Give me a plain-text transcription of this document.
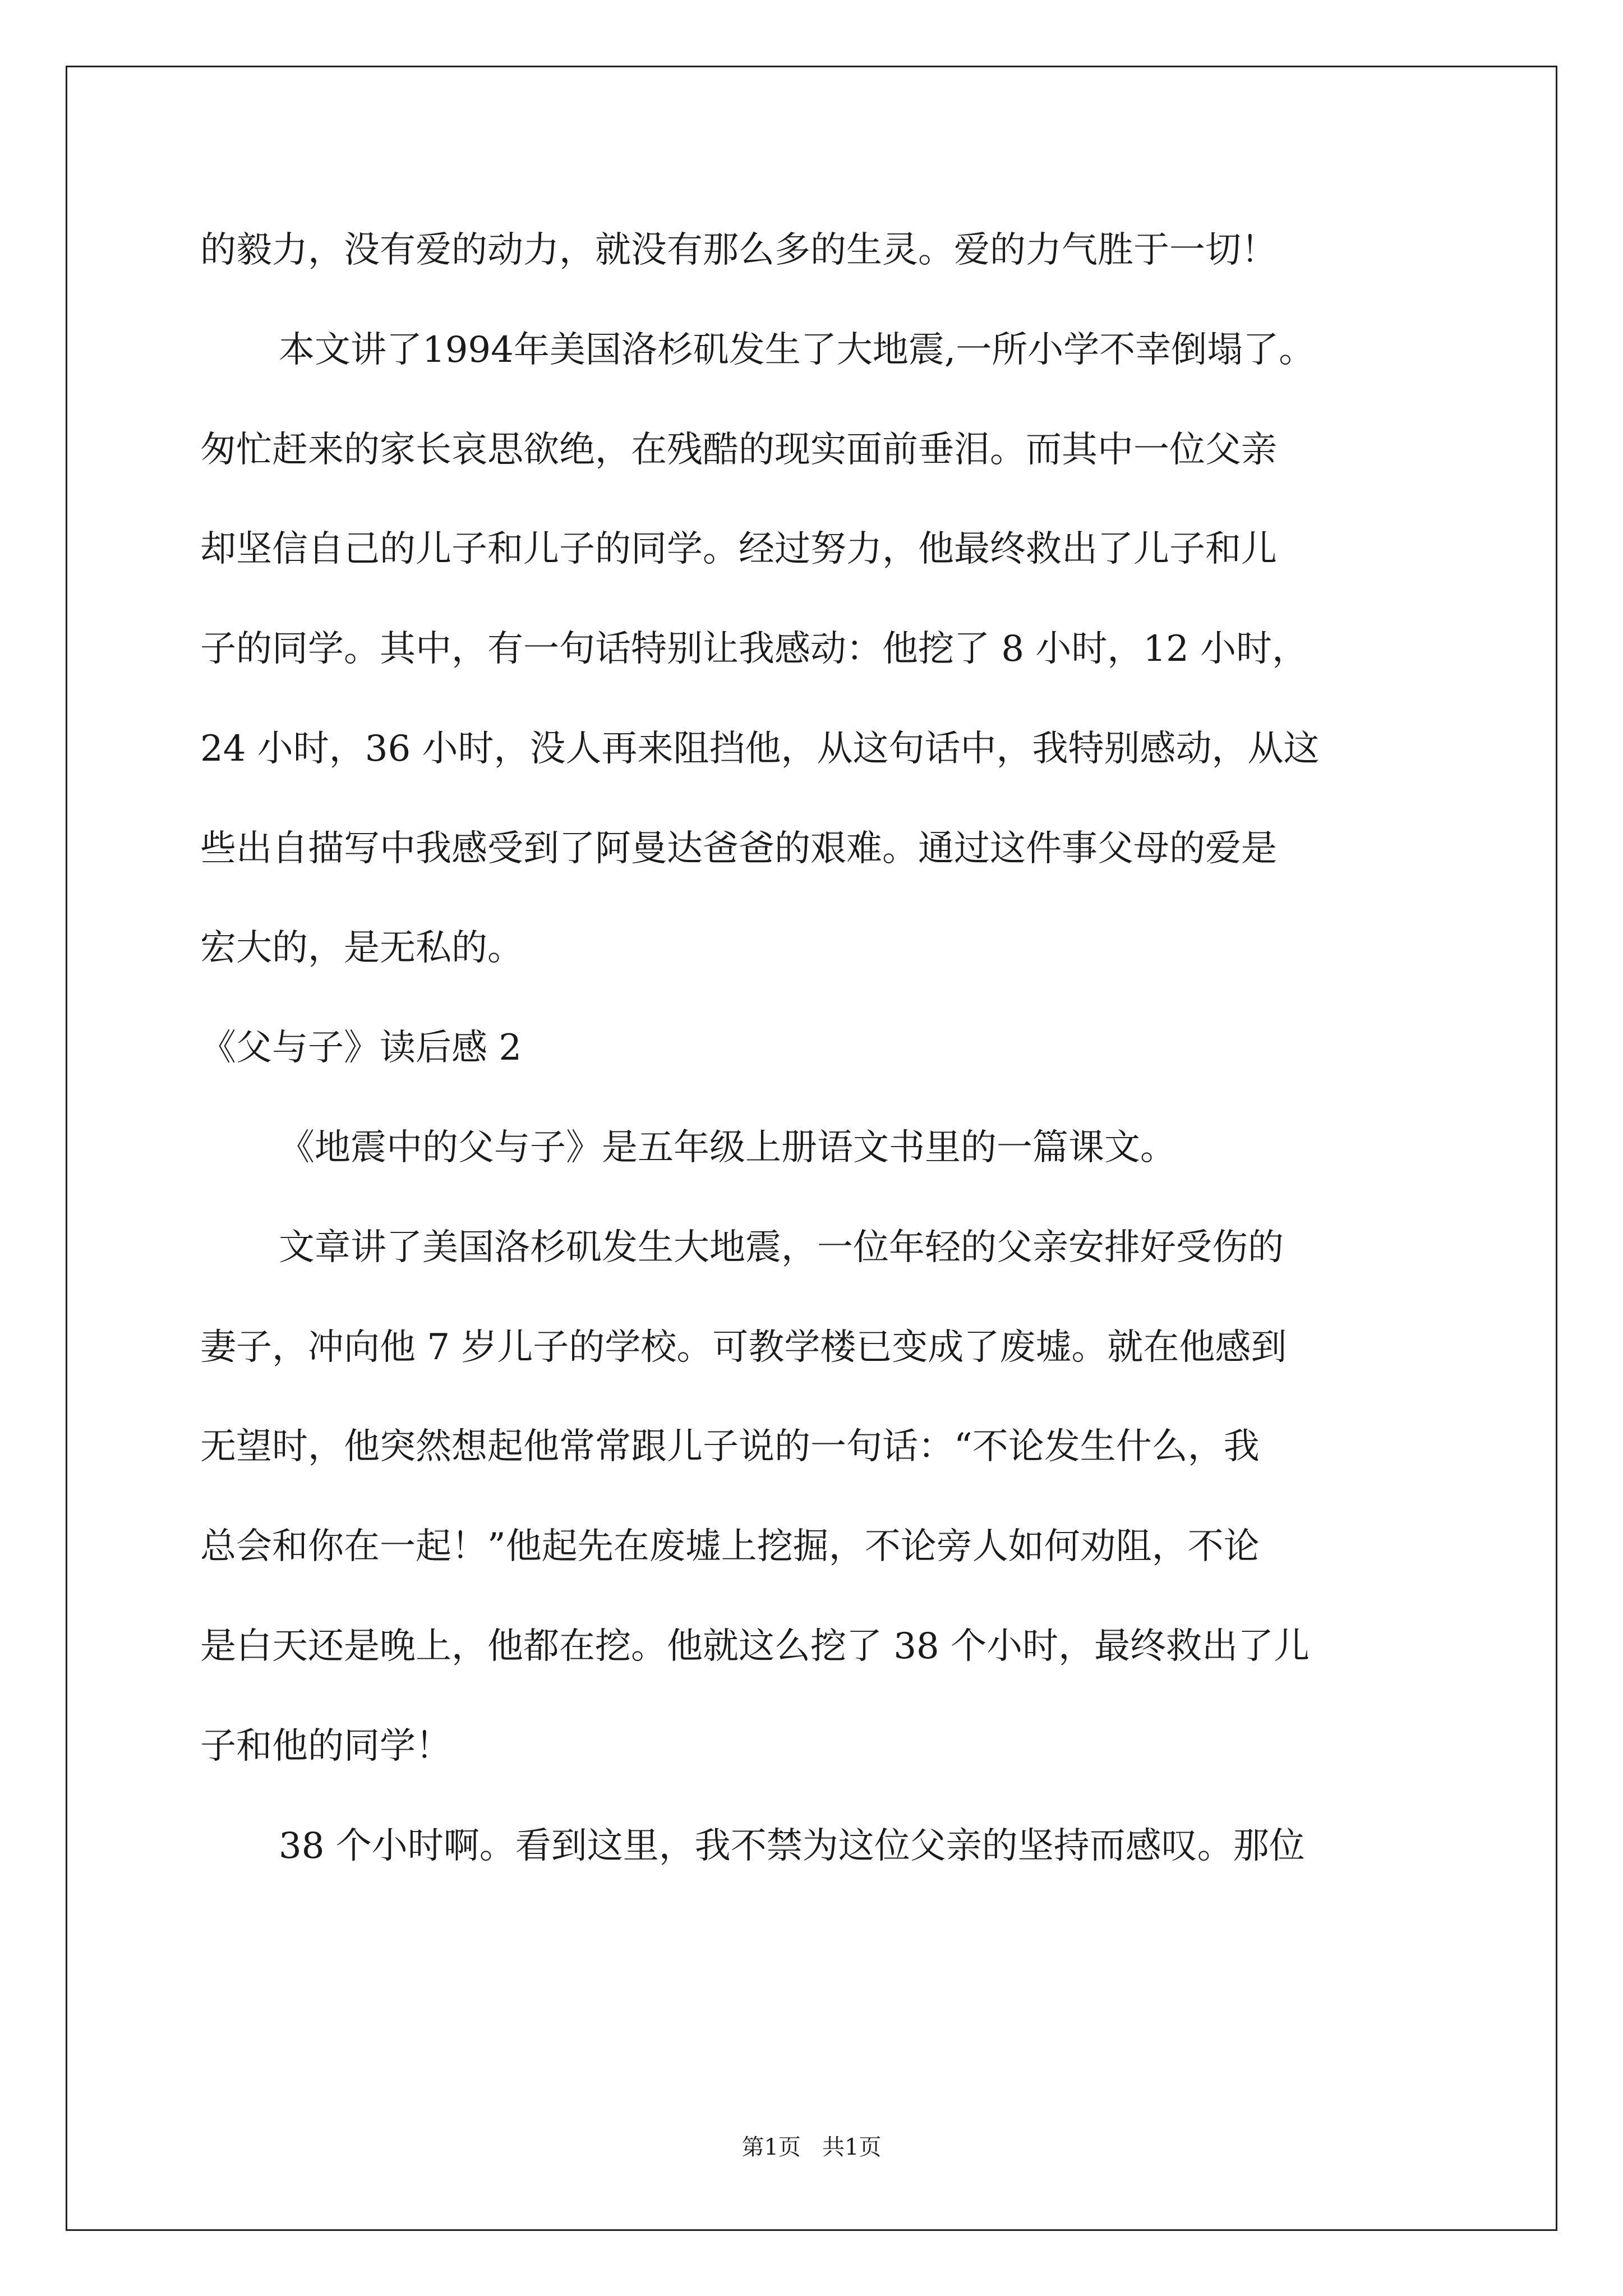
的毅力，没有爱的动力，就没有那么多的生灵。爱的力气胜于一切！
本文讲了1994年美国洛杉矶发生了大地震,一所小学不幸倒塌了。
匆忙赶来的家长哀思欲绝，在残酷的现实面前垂泪。而其中一位父亲
却坚信自己的儿子和儿子的同学。经过努力，他最终救出了儿子和儿
子的同学。其中，有一句话特别让我感动：他挖了 8 小时，12 小时，
24 小时，36 小时，没人再来阻挡他，从这句话中，我特别感动，从这
些出自描写中我感受到了阿曼达爸爸的艰难。通过这件事父母的爱是
宏大的，是无私的。
《父与子》读后感 2
《地震中的父与子》是五年级上册语文书里的一篇课文。
文章讲了美国洛杉矶发生大地震，一位年轻的父亲安排好受伤的
妻子，冲向他 7 岁儿子的学校。可教学楼已变成了废墟。就在他感到
无望时，他突然想起他常常跟儿子说的一句话：“不论发生什么，我
总会和你在一起！”他起先在废墟上挖掘，不论旁人如何劝阻，不论
是白天还是晚上，他都在挖。他就这么挖了 38 个小时，最终救出了儿
子和他的同学！
38 个小时啊。看到这里，我不禁为这位父亲的坚持而感叹。那位
第1页   共1页
